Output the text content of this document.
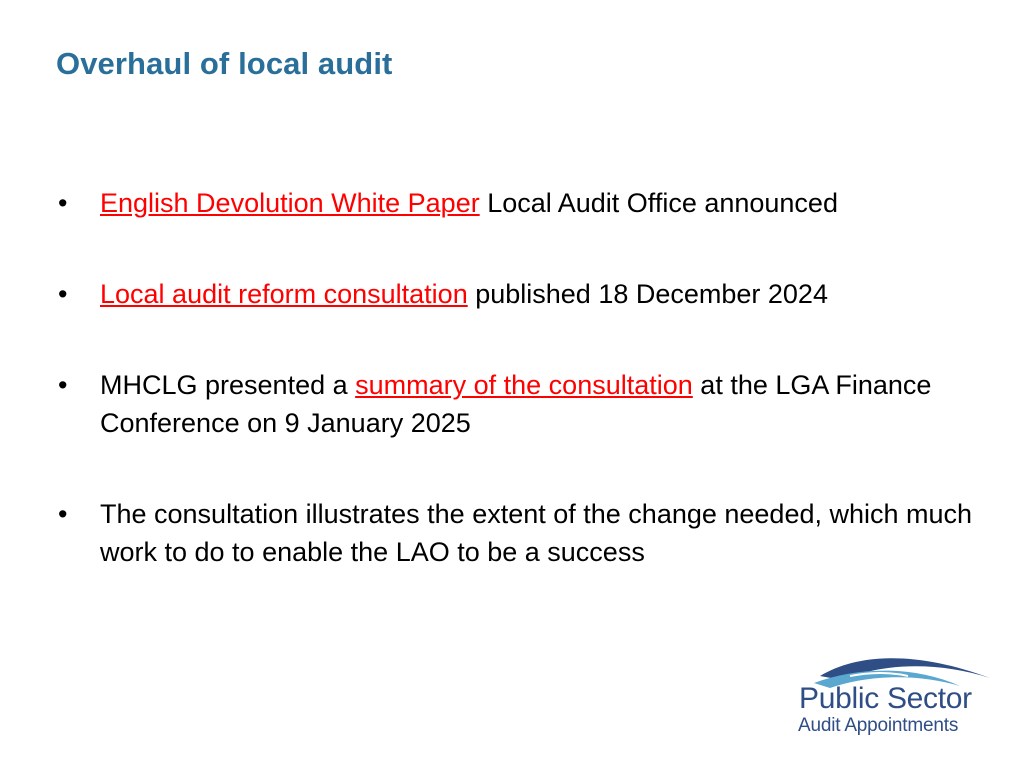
Overhaul of local audit
•	English Devolution White Paper Local Audit Office announced
•	Local audit reform consultation published 18 December 2024
•	MHCLG presented a summary of the consultation at the LGA Finance Conference on 9 January 2025
•	The consultation illustrates the extent of the change needed, which much work to do to enable the LAO to be a success
Public Sector
Audit Appointments
